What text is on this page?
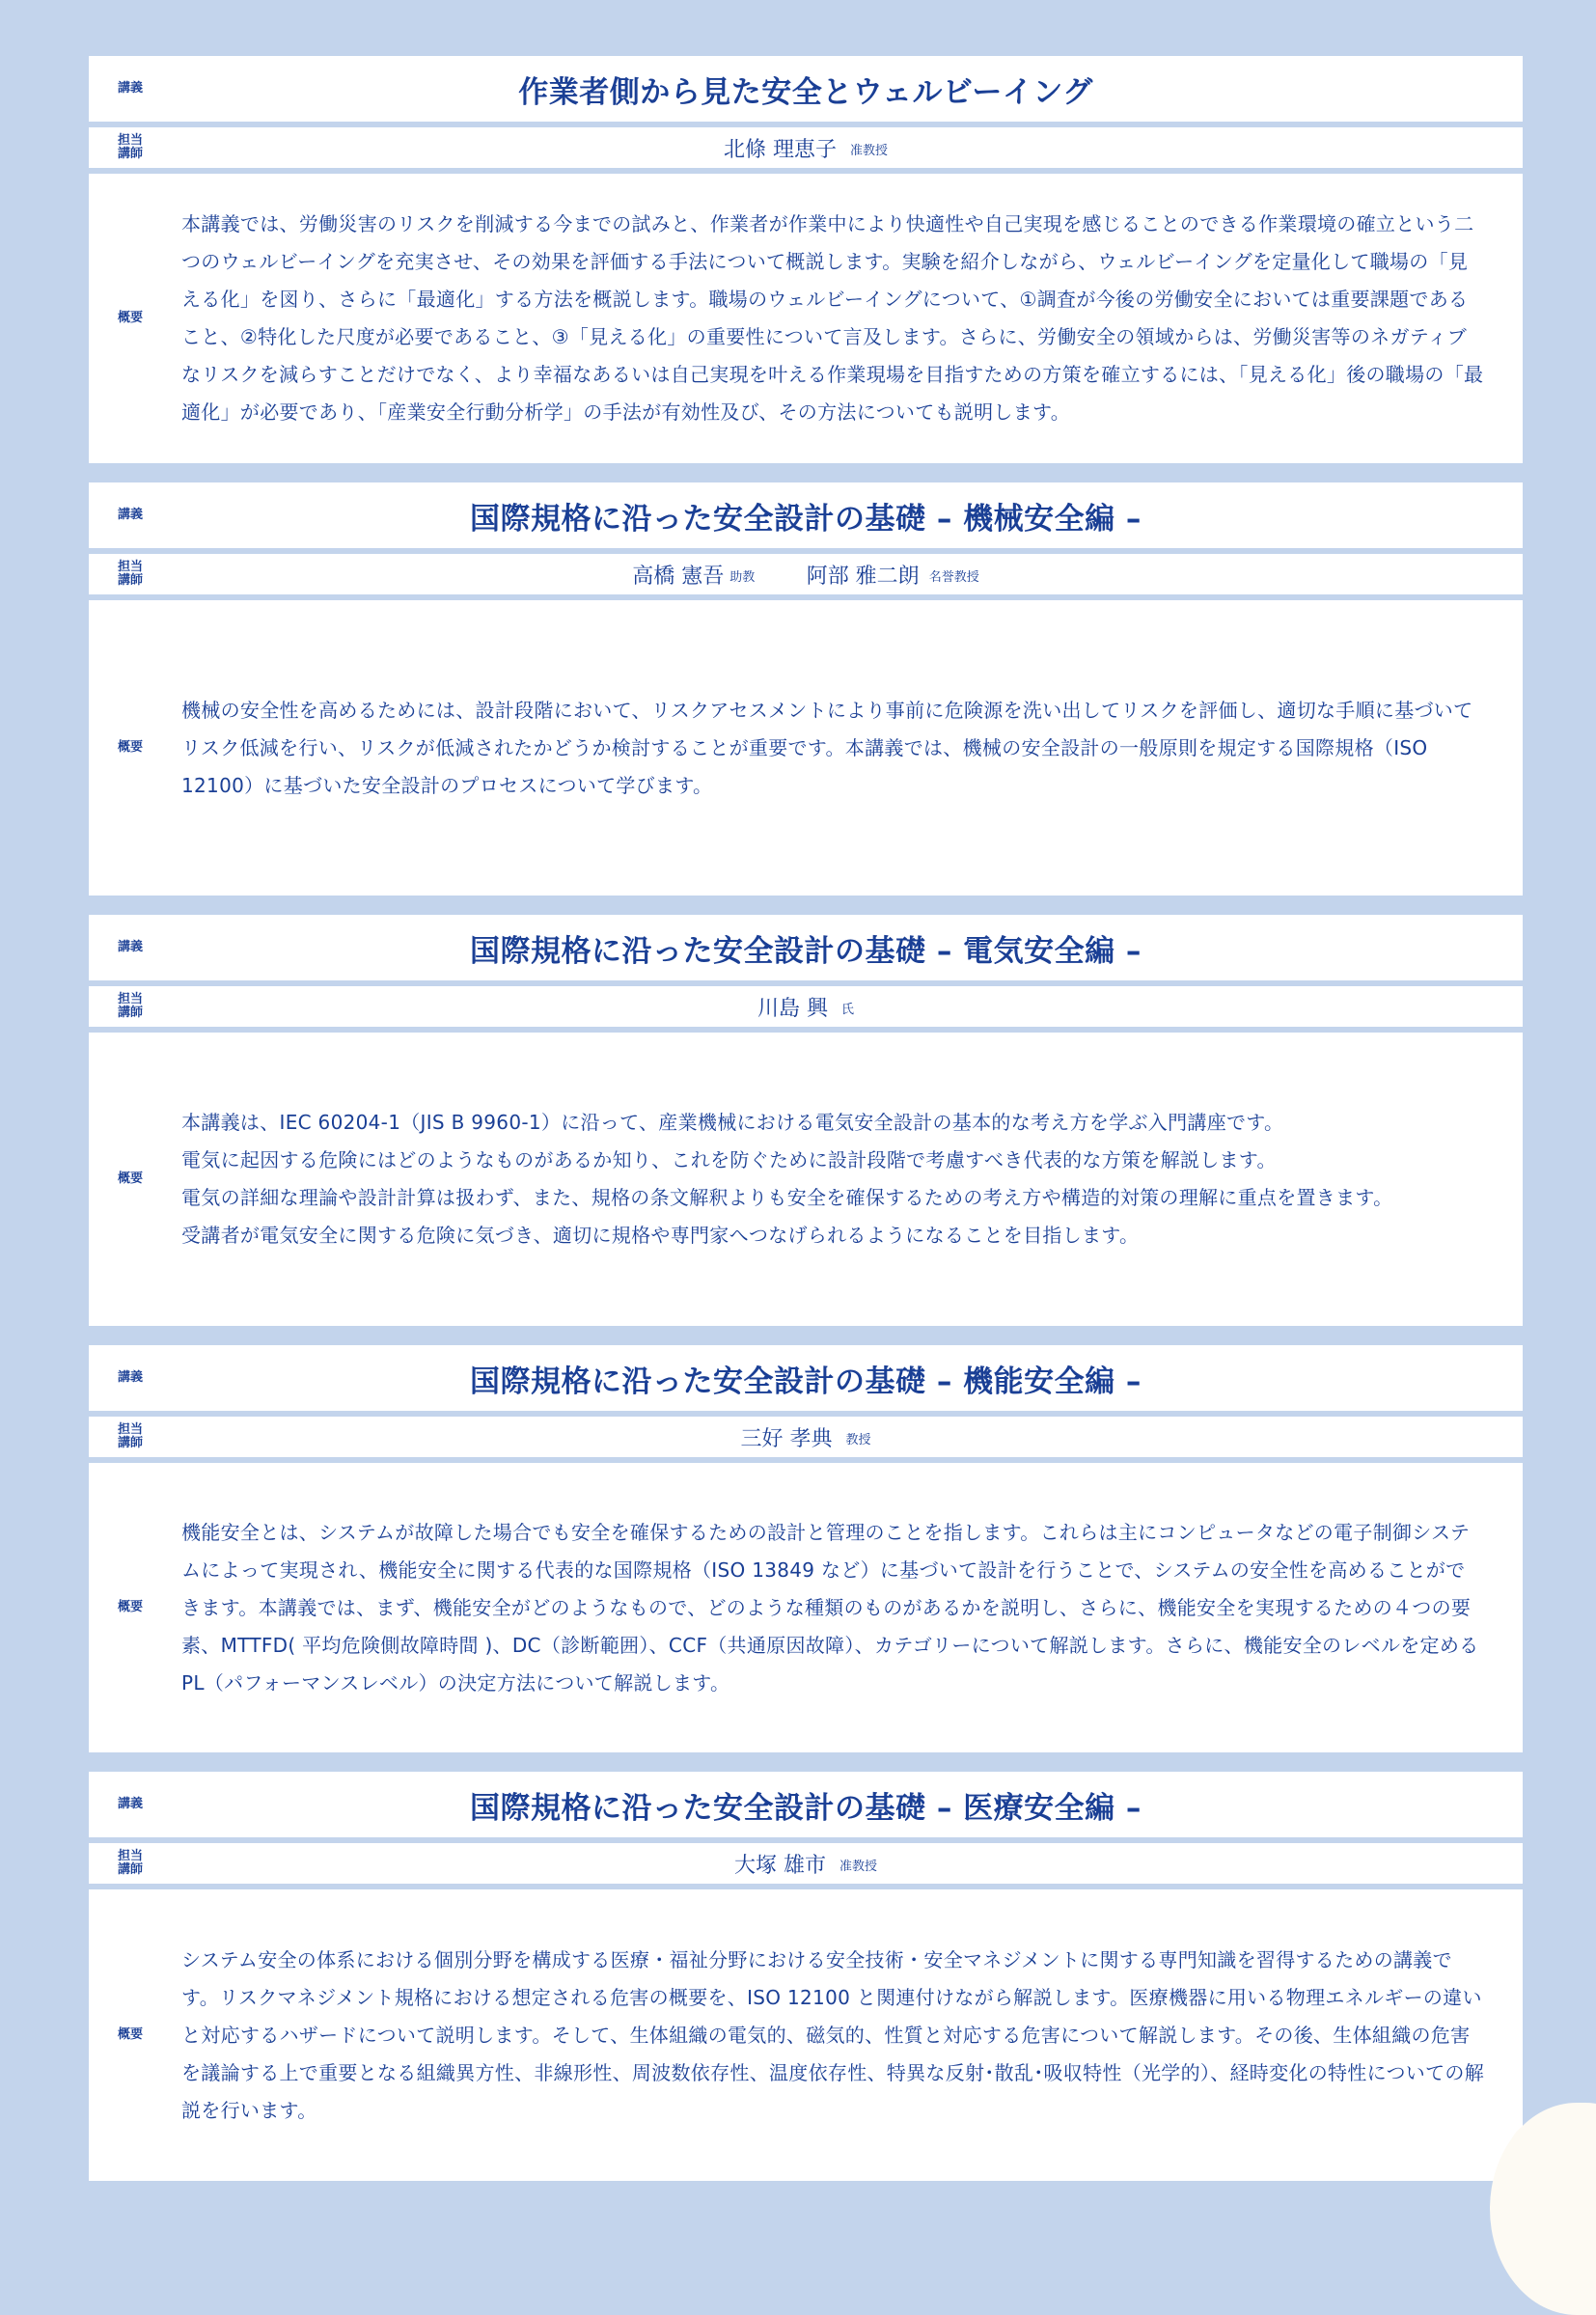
講義	作業者側から見た安全とウェルビーイング
担当
講師	北條 理恵子 准教授
概要

本講義では、労働災害のリスクを削減する今までの試みと、作業者が作業中により快適性や自己実現を感じることのできる作業環境の確立という二つのウェルビーイングを充実させ、その効果を評価する手法について概説します。実験を紹介しながら、ウェルビーイングを定量化して職場の「見える化」を図り、さらに「最適化」する方法を概説します。職場のウェルビーイングについて、①調査が今後の労働安全においては重要課題であること、②特化した尺度が必要であること、③「見える化」の重要性について言及します。さらに、労働安全の領域からは、労働災害等のネガティブなリスクを減らすことだけでなく、より幸福なあるいは自己実現を叶える作業現場を目指すための方策を確立するには、「見える化」後の職場の「最適化」が必要であり、「産業安全行動分析学」の手法が有効性及び、その方法についても説明します。

講義	国際規格に沿った安全設計の基礎 – 機械安全編 –
担当
講師	高橋 憲吾 助教 阿部 雅二朗 名誉教授
概要

機械の安全性を高めるためには、設計段階において、リスクアセスメントにより事前に危険源を洗い出してリスクを評価し、適切な手順に基づいてリスク低減を行い、リスクが低減されたかどうか検討することが重要です。本講義では、機械の安全設計の一般原則を規定する国際規格（ISO 12100）に基づいた安全設計のプロセスについて学びます。

講義	国際規格に沿った安全設計の基礎 – 電気安全編 –
担当
講師	川島 興 氏
概要

本講義は、IEC 60204-1（JIS B 9960-1）に沿って、産業機械における電気安全設計の基本的な考え方を学ぶ入門講座です。

電気に起因する危険にはどのようなものがあるか知り、これを防ぐために設計段階で考慮すべき代表的な方策を解説します。

電気の詳細な理論や設計計算は扱わず、また、規格の条文解釈よりも安全を確保するための考え方や構造的対策の理解に重点を置きます。

受講者が電気安全に関する危険に気づき、適切に規格や専門家へつなげられるようになることを目指します。

講義	国際規格に沿った安全設計の基礎 – 機能安全編 –
担当
講師	三好 孝典 教授
概要

機能安全とは、システムが故障した場合でも安全を確保するための設計と管理のことを指します。これらは主にコンピュータなどの電子制御システムによって実現され、機能安全に関する代表的な国際規格（ISO 13849 など）に基づいて設計を行うことで、システムの安全性を高めることができます。本講義では、まず、機能安全がどのようなもので、どのような種類のものがあるかを説明し、さらに、機能安全を実現するための４つの要素、MTTFD( 平均危険側故障時間 )、DC（診断範囲）、CCF（共通原因故障）、カテゴリーについて解説します。さらに、機能安全のレベルを定める PL（パフォーマンスレベル）の決定方法について解説します。

講義	国際規格に沿った安全設計の基礎 – 医療安全編 –
担当
講師	大塚 雄市 准教授
概要

システム安全の体系における個別分野を構成する医療・福祉分野における安全技術・安全マネジメントに関する専門知識を習得するための講義です。リスクマネジメント規格における想定される危害の概要を、ISO 12100 と関連付けながら解説します。医療機器に用いる物理エネルギーの違いと対応するハザードについて説明します。そして、生体組織の電気的、磁気的、性質と対応する危害について解説します。その後、生体組織の危害を議論する上で重要となる組織異方性、非線形性、周波数依存性、温度依存性、特異な反射･散乱･吸収特性（光学的）、経時変化の特性についての解説を行います。
